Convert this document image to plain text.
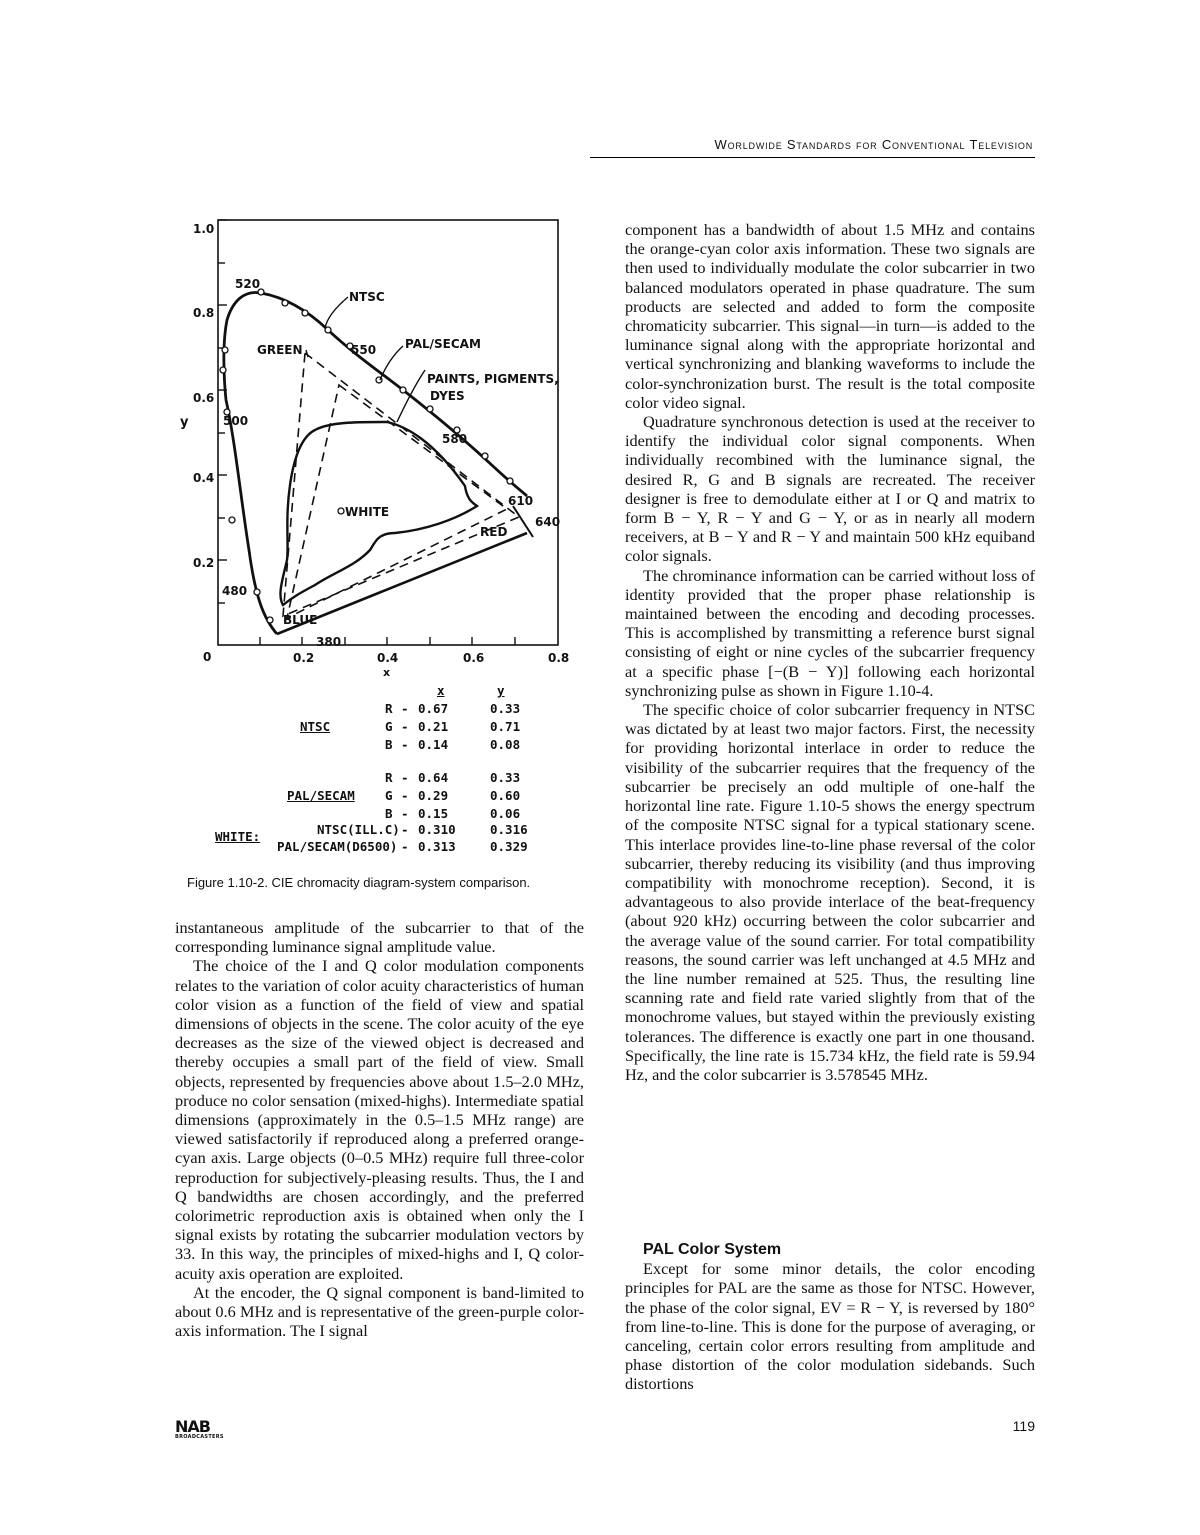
Worldwide Standards for Conventional Television
1.0
0.8
0.6
0.4
0.2
0
y
0.2	0.4	0.6	0.8
x
520
500
480
380
550
580
610
640
GREEN
BLUE
RED
WHITE
NTSC
PAL/SECAM
PAINTS, PIGMENTS,
DYES
x	y
NTSC
R - 0.67	0.33
G - 0.21	0.71
B - 0.14	0.08
PAL/SECAM
R - 0.64	0.33
G - 0.29	0.60
B - 0.15	0.06
WHITE:	NTSC(ILL.C) - 0.310	0.316
PAL/SECAM(D6500) - 0.313	0.329
Figure 1.10-2. CIE chromacity diagram-system comparison.

instantaneous amplitude of the subcarrier to that of the corresponding luminance signal amplitude value.

The choice of the I and Q color modulation components relates to the variation of color acuity characteristics of human color vision as a function of the field of view and spatial dimensions of objects in the scene. The color acuity of the eye decreases as the size of the viewed object is decreased and thereby occupies a small part of the field of view. Small objects, represented by frequencies above about 1.5–2.0 MHz, produce no color sensation (mixed-highs). Intermediate spatial dimensions (approximately in the 0.5–1.5 MHz range) are viewed satisfactorily if reproduced along a preferred orange-cyan axis. Large objects (0–0.5 MHz) require full three-color reproduction for subjectively-pleasing results. Thus, the I and Q bandwidths are chosen accordingly, and the preferred colorimetric reproduction axis is obtained when only the I signal exists by rotating the subcarrier modulation vectors by 33. In this way, the principles of mixed-highs and I, Q color-acuity axis operation are exploited.

At the encoder, the Q signal component is band-limited to about 0.6 MHz and is representative of the green-purple color-axis information. The I signal

component has a bandwidth of about 1.5 MHz and contains the orange-cyan color axis information. These two signals are then used to individually modulate the color subcarrier in two balanced modulators operated in phase quadrature. The sum products are selected and added to form the composite chromaticity subcarrier. This signal—in turn—is added to the luminance signal along with the appropriate horizontal and vertical synchronizing and blanking waveforms to include the color-synchronization burst. The result is the total composite color video signal.

Quadrature synchronous detection is used at the receiver to identify the individual color signal components. When individually recombined with the luminance signal, the desired R, G and B signals are recreated. The receiver designer is free to demodulate either at I or Q and matrix to form B − Y, R − Y and G − Y, or as in nearly all modern receivers, at B − Y and R − Y and maintain 500 kHz equiband color signals.

The chrominance information can be carried without loss of identity provided that the proper phase relationship is maintained between the encoding and decoding processes. This is accomplished by transmitting a reference burst signal consisting of eight or nine cycles of the subcarrier frequency at a specific phase [−(B − Y)] following each horizontal synchronizing pulse as shown in Figure 1.10-4.

The specific choice of color subcarrier frequency in NTSC was dictated by at least two major factors. First, the necessity for providing horizontal interlace in order to reduce the visibility of the subcarrier requires that the frequency of the subcarrier be precisely an odd multiple of one-half the horizontal line rate. Figure 1.10-5 shows the energy spectrum of the composite NTSC signal for a typical stationary scene. This interlace provides line-to-line phase reversal of the color subcarrier, thereby reducing its visibility (and thus improving compatibility with monochrome reception). Second, it is advantageous to also provide interlace of the beat-frequency (about 920 kHz) occurring between the color subcarrier and the average value of the sound carrier. For total compatibility reasons, the sound carrier was left unchanged at 4.5 MHz and the line number remained at 525. Thus, the resulting line scanning rate and field rate varied slightly from that of the monochrome values, but stayed within the previously existing tolerances. The difference is exactly one part in one thousand. Specifically, the line rate is 15.734 kHz, the field rate is 59.94 Hz, and the color subcarrier is 3.578545 MHz.

PAL Color System

Except for some minor details, the color encoding principles for PAL are the same as those for NTSC. However, the phase of the color signal, EV = R − Y, is reversed by 180° from line-to-line. This is done for the purpose of averaging, or canceling, certain color errors resulting from amplitude and phase distortion of the color modulation sidebands. Such distortions

NAB
BROADCASTERS
119
